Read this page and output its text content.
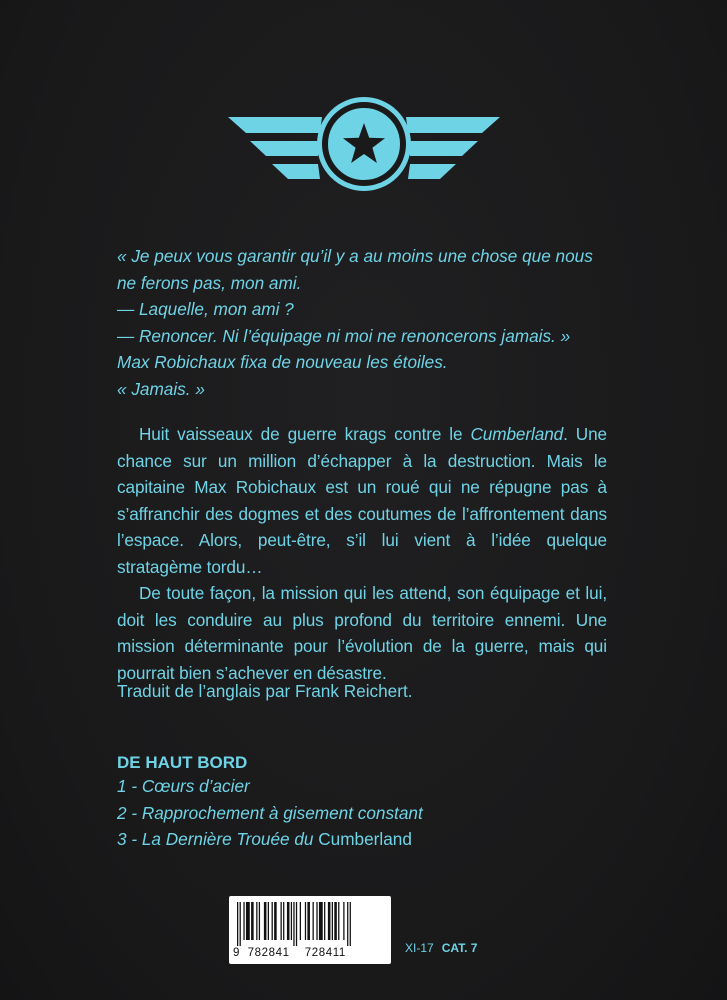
« Je peux vous garantir qu’il y a au moins une chose que nous
ne ferons pas, mon ami.
— Laquelle, mon ami ?
— Renoncer. Ni l’équipage ni moi ne renoncerons jamais. »
Max Robichaux fixa de nouveau les étoiles.
« Jamais. »

Huit vaisseaux de guerre krags contre le Cumberland. Une chance sur un million d’échapper à la destruction. Mais le capitaine Max Robichaux est un roué qui ne répugne pas à s’affranchir des dogmes et des coutumes de l’affrontement dans l’espace. Alors, peut-être, s’il lui vient à l’idée quelque stratagème tordu…

De toute façon, la mission qui les attend, son équipage et lui, doit les conduire au plus profond du territoire ennemi. Une mission déterminante pour l’évolution de la guerre, mais qui pourrait bien s’achever en désastre.

Traduit de l’anglais par Frank Reichert.
DE HAUT BORD
1 - Cœurs d’acier
2 - Rapprochement à gisement constant
3 - La Dernière Trouée du Cumberland
9 782841 728411	XI-17 CAT. 7
